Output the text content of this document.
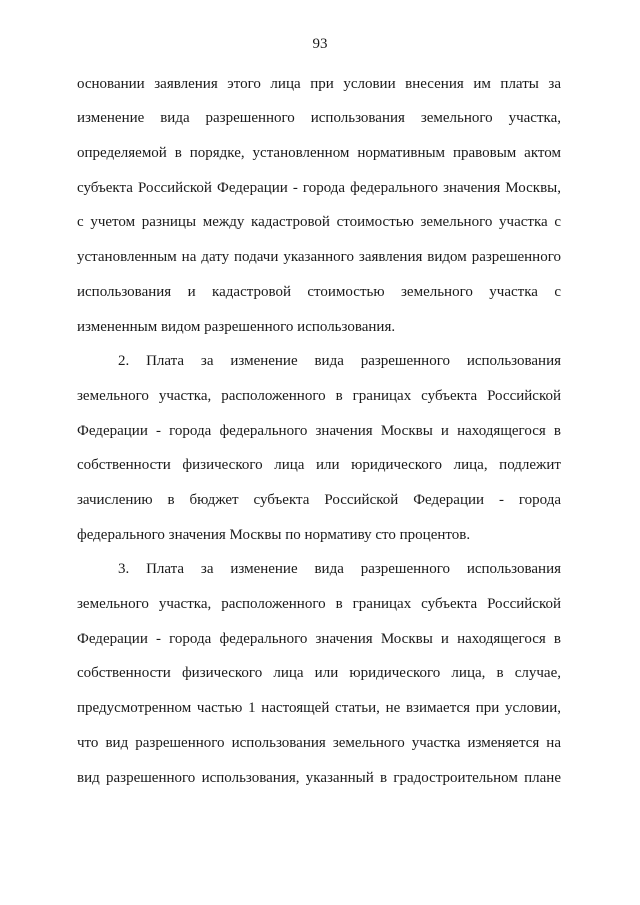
93
основании заявления этого лица при условии внесения им платы за
изменение вида разрешенного использования земельного участка,
определяемой в порядке, установленном нормативным правовым актом
субъекта Российской Федерации - города федерального значения Москвы,
с учетом разницы между кадастровой стоимостью земельного участка с
установленным на дату подачи указанного заявления видом разрешенного
использования и кадастровой стоимостью земельного участка с
измененным видом разрешенного использования.
2. Плата за изменение вида разрешенного использования
земельного участка, расположенного в границах субъекта Российской
Федерации - города федерального значения Москвы и находящегося в
собственности физического лица или юридического лица, подлежит
зачислению в бюджет субъекта Российской Федерации - города
федерального значения Москвы по нормативу сто процентов.
3. Плата за изменение вида разрешенного использования
земельного участка, расположенного в границах субъекта Российской
Федерации - города федерального значения Москвы и находящегося в
собственности физического лица или юридического лица, в случае,
предусмотренном частью 1 настоящей статьи, не взимается при условии,
что вид разрешенного использования земельного участка изменяется на
вид разрешенного использования, указанный в градостроительном плане
